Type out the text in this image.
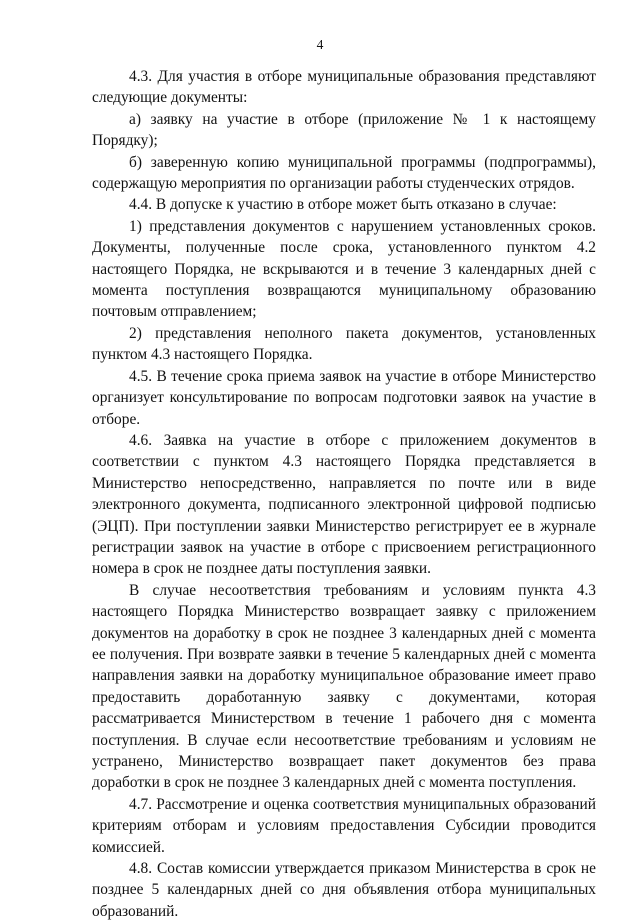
4

4.3. Для участия в отборе муниципальные образования представляют следующие документы:

а) заявку на участие в отборе (приложение № 1 к настоящему Порядку);

б) заверенную копию муниципальной программы (подпрограммы), содержащую мероприятия по организации работы студенческих отрядов.

4.4. В допуске к участию в отборе может быть отказано в случае:

1) представления документов с нарушением установленных сроков. Документы, полученные после срока, установленного пунктом 4.2 настоящего Порядка, не вскрываются и в течение 3 календарных дней с момента поступления возвращаются муниципальному образованию почтовым отправлением;

2) представления неполного пакета документов, установленных пунктом 4.3 настоящего Порядка.

4.5. В течение срока приема заявок на участие в отборе Министерство организует консультирование по вопросам подготовки заявок на участие в отборе.

4.6. Заявка на участие в отборе с приложением документов в соответствии с пунктом 4.3 настоящего Порядка представляется в Министерство непосредственно, направляется по почте или в виде электронного документа, подписанного электронной цифровой подписью (ЭЦП). При поступлении заявки Министерство регистрирует ее в журнале регистрации заявок на участие в отборе с присвоением регистрационного номера в срок не позднее даты поступления заявки.

В случае несоответствия требованиям и условиям пункта 4.3 настоящего Порядка Министерство возвращает заявку с приложением документов на доработку в срок не позднее 3 календарных дней с момента ее получения. При возврате заявки в течение 5 календарных дней с момента направления заявки на доработку муниципальное образование имеет право предоставить доработанную заявку с документами, которая рассматривается Министерством в течение 1 рабочего дня с момента поступления. В случае если несоответствие требованиям и условиям не устранено, Министерство возвращает пакет документов без права доработки в срок не позднее 3 календарных дней с момента поступления.

4.7. Рассмотрение и оценка соответствия муниципальных образований критериям отборам и условиям предоставления Субсидии проводится комиссией.

4.8. Состав комиссии утверждается приказом Министерства в срок не позднее 5 календарных дней со дня объявления отбора муниципальных образований.
